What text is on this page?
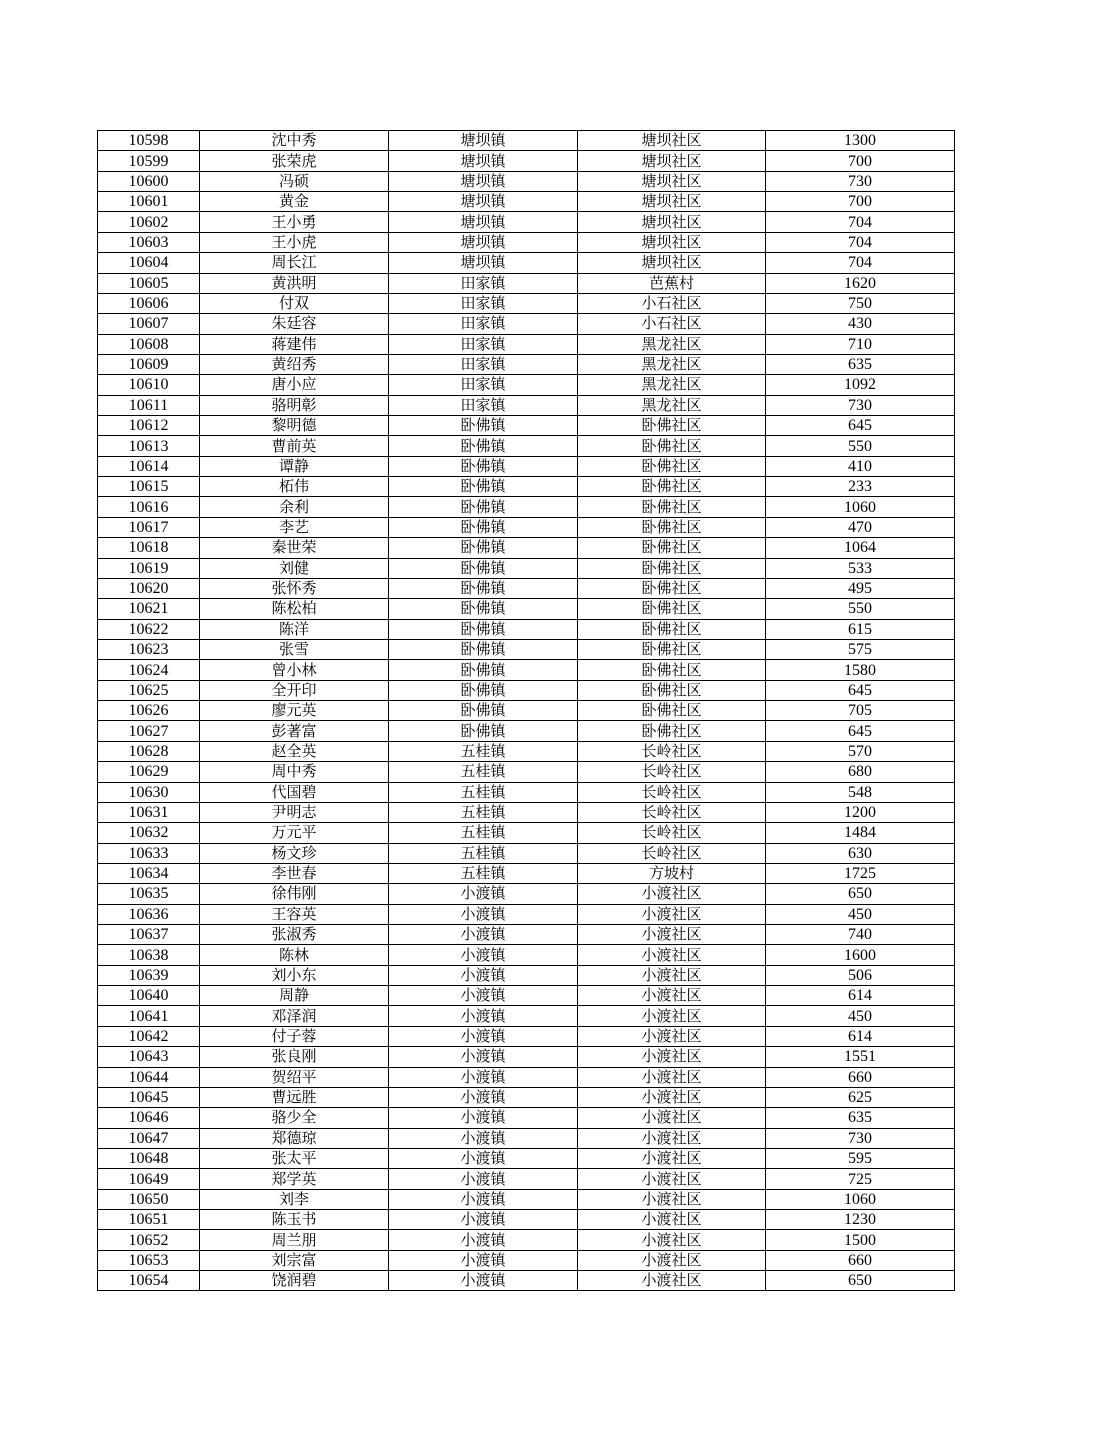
10598	沈中秀	塘坝镇	塘坝社区	1300
10599	张荣虎	塘坝镇	塘坝社区	700
10600	冯硕	塘坝镇	塘坝社区	730
10601	黄金	塘坝镇	塘坝社区	700
10602	王小勇	塘坝镇	塘坝社区	704
10603	王小虎	塘坝镇	塘坝社区	704
10604	周长江	塘坝镇	塘坝社区	704
10605	黄洪明	田家镇	芭蕉村	1620
10606	付双	田家镇	小石社区	750
10607	朱廷容	田家镇	小石社区	430
10608	蒋建伟	田家镇	黑龙社区	710
10609	黄绍秀	田家镇	黑龙社区	635
10610	唐小应	田家镇	黑龙社区	1092
10611	骆明彰	田家镇	黑龙社区	730
10612	黎明德	卧佛镇	卧佛社区	645
10613	曹前英	卧佛镇	卧佛社区	550
10614	谭静	卧佛镇	卧佛社区	410
10615	柘伟	卧佛镇	卧佛社区	233
10616	余利	卧佛镇	卧佛社区	1060
10617	李艺	卧佛镇	卧佛社区	470
10618	秦世荣	卧佛镇	卧佛社区	1064
10619	刘健	卧佛镇	卧佛社区	533
10620	张怀秀	卧佛镇	卧佛社区	495
10621	陈松柏	卧佛镇	卧佛社区	550
10622	陈洋	卧佛镇	卧佛社区	615
10623	张雪	卧佛镇	卧佛社区	575
10624	曾小林	卧佛镇	卧佛社区	1580
10625	全开印	卧佛镇	卧佛社区	645
10626	廖元英	卧佛镇	卧佛社区	705
10627	彭著富	卧佛镇	卧佛社区	645
10628	赵全英	五桂镇	长岭社区	570
10629	周中秀	五桂镇	长岭社区	680
10630	代国碧	五桂镇	长岭社区	548
10631	尹明志	五桂镇	长岭社区	1200
10632	万元平	五桂镇	长岭社区	1484
10633	杨文珍	五桂镇	长岭社区	630
10634	李世春	五桂镇	方坡村	1725
10635	徐伟刚	小渡镇	小渡社区	650
10636	王容英	小渡镇	小渡社区	450
10637	张淑秀	小渡镇	小渡社区	740
10638	陈林	小渡镇	小渡社区	1600
10639	刘小东	小渡镇	小渡社区	506
10640	周静	小渡镇	小渡社区	614
10641	邓泽润	小渡镇	小渡社区	450
10642	付子蓉	小渡镇	小渡社区	614
10643	张良刚	小渡镇	小渡社区	1551
10644	贺绍平	小渡镇	小渡社区	660
10645	曹远胜	小渡镇	小渡社区	625
10646	骆少全	小渡镇	小渡社区	635
10647	郑德琼	小渡镇	小渡社区	730
10648	张太平	小渡镇	小渡社区	595
10649	郑学英	小渡镇	小渡社区	725
10650	刘李	小渡镇	小渡社区	1060
10651	陈玉书	小渡镇	小渡社区	1230
10652	周兰朋	小渡镇	小渡社区	1500
10653	刘宗富	小渡镇	小渡社区	660
10654	饶润碧	小渡镇	小渡社区	650
